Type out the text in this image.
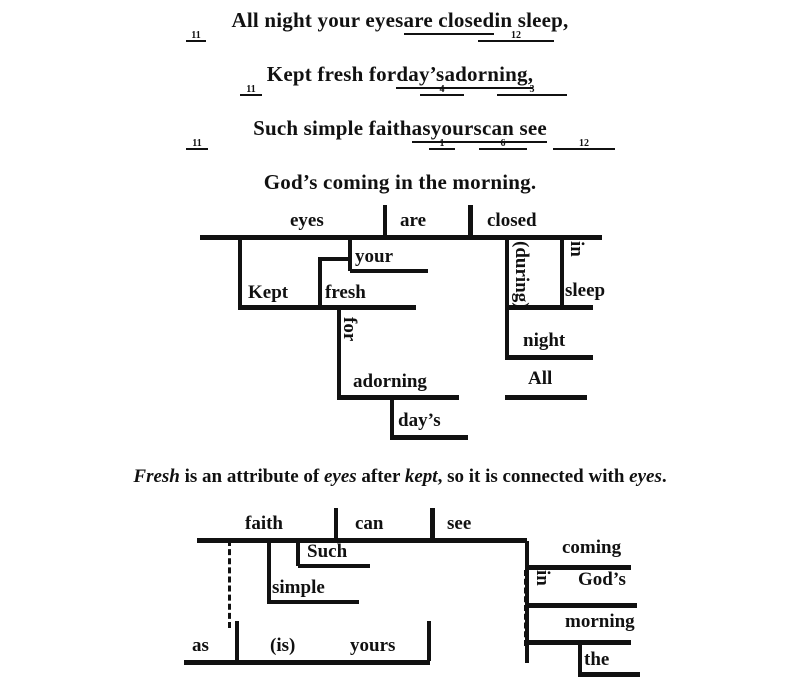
All night your eyesare closedin sleep,
11	12
Kept fresh forday’sadorning,
11	4	3
Such simple faithasyourscan see
11	1	6	12
God’s coming in the morning.
eyes	are	closed
your
Kept fresh	(during) in
sleep
night
All
for
adorning
day’s
faith	can	see
Such	coming
simple	in God’s
morning
the
as	(is)	yours
Fresh is an attribute of eyes after kept, so it is connected with eyes.
